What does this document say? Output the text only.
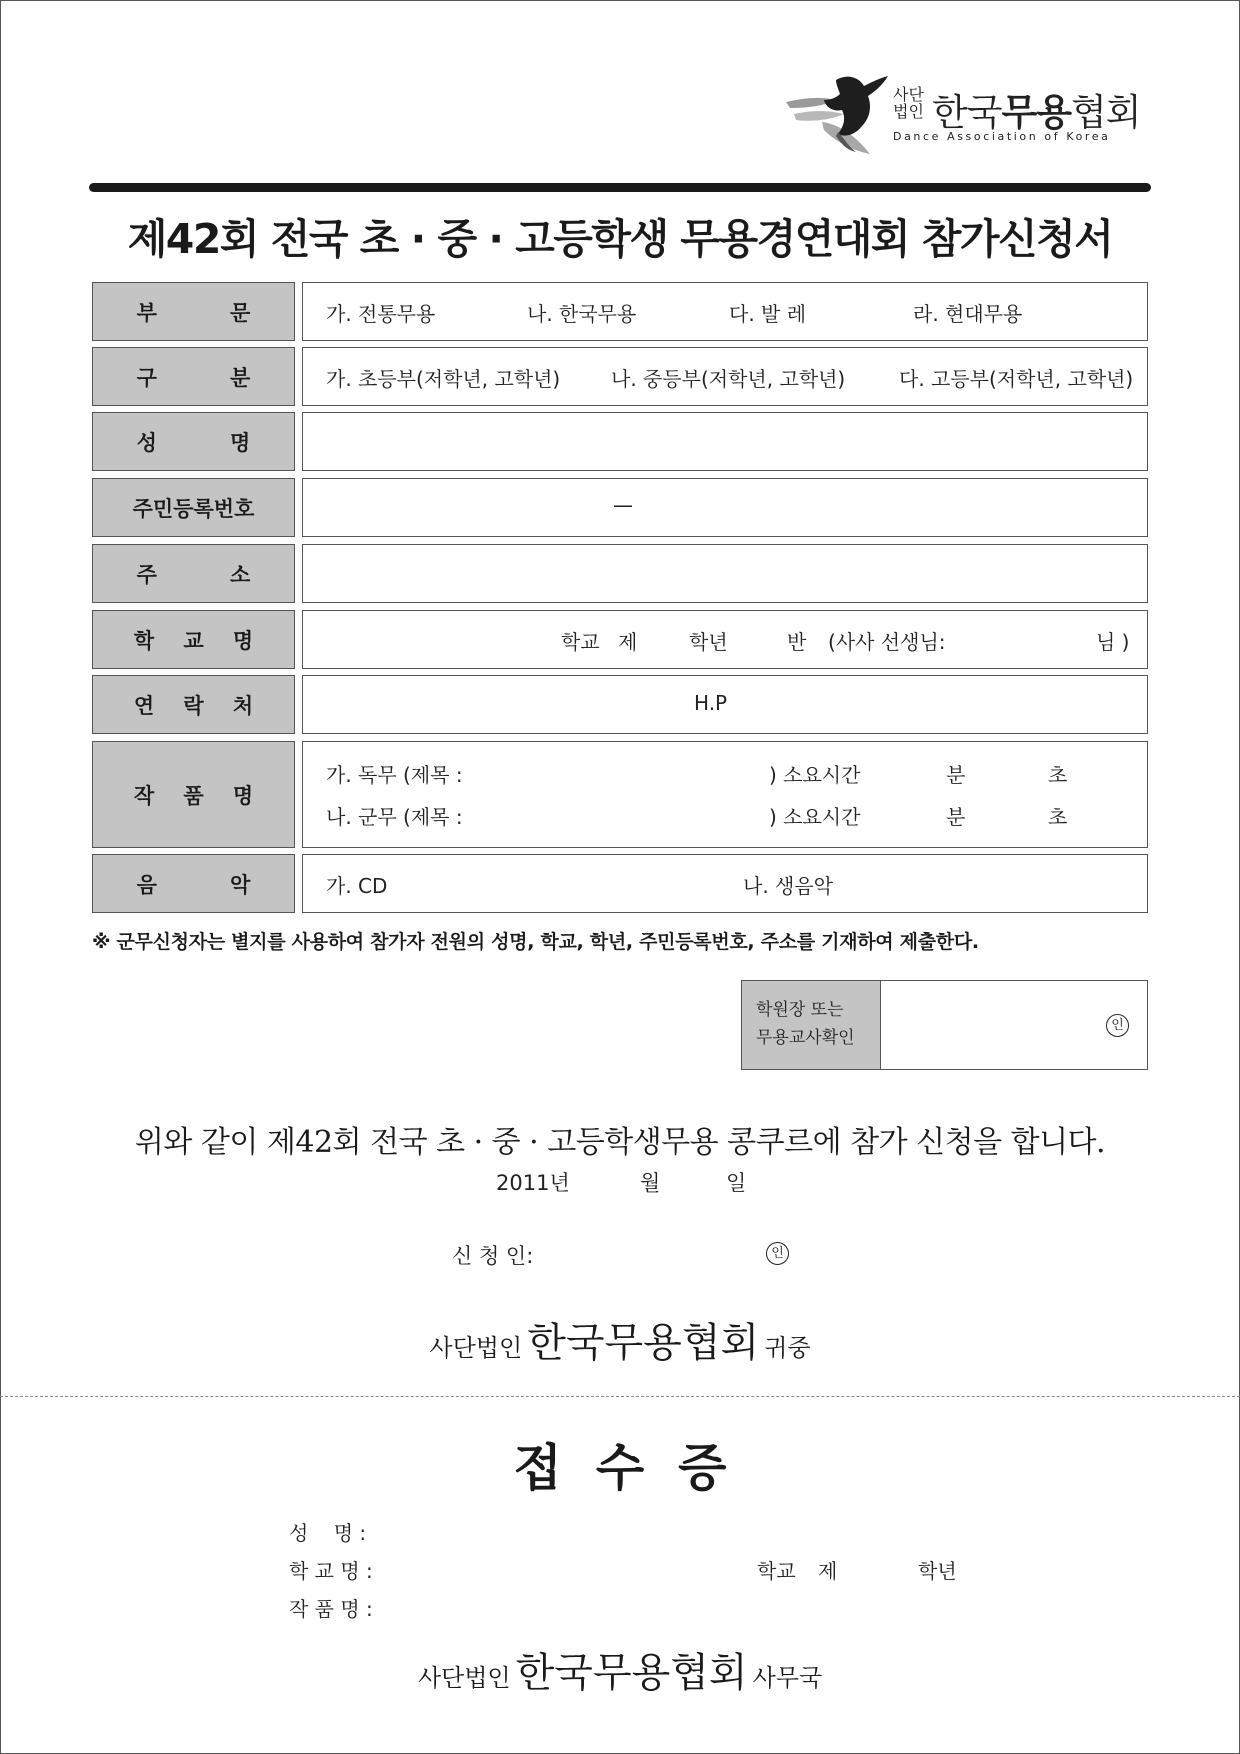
사단
법인 한국무용협회
Dance Association of Korea
제42회 전국 초 · 중 · 고등학생 무용경연대회 참가신청서
부          문	가. 전통무용	나. 한국무용	다. 발 레	라. 현대무용
구          분	가. 초등부(저학년, 고학년)	나. 중등부(저학년, 고학년)	다. 고등부(저학년, 고학년)
성          명
주민등록번호	—
주          소
학    교    명	학교 제	학년	반 (사사 선생님:	님 )
연    락    처	H.P
작    품    명
가. 독무 (제목 :	) 소요시간	분	초
나. 군무 (제목 :	) 소요시간	분	초
음          악	가. CD	나. 생음악
※ 군무신청자는 별지를 사용하여 참가자 전원의 성명, 학교, 학년, 주민등록번호, 주소를 기재하여 제출한다.
학원장 또는
무용교사확인
인
위와 같이 제42회 전국 초 · 중 · 고등학생무용 콩쿠르에 참가 신청을 합니다.
2011년	월	일
신 청 인:	인
사단법인 한국무용협회 귀중
접수증
성    명 :
학 교 명 :	학교 제	학년
작 품 명 :
사단법인 한국무용협회 사무국
